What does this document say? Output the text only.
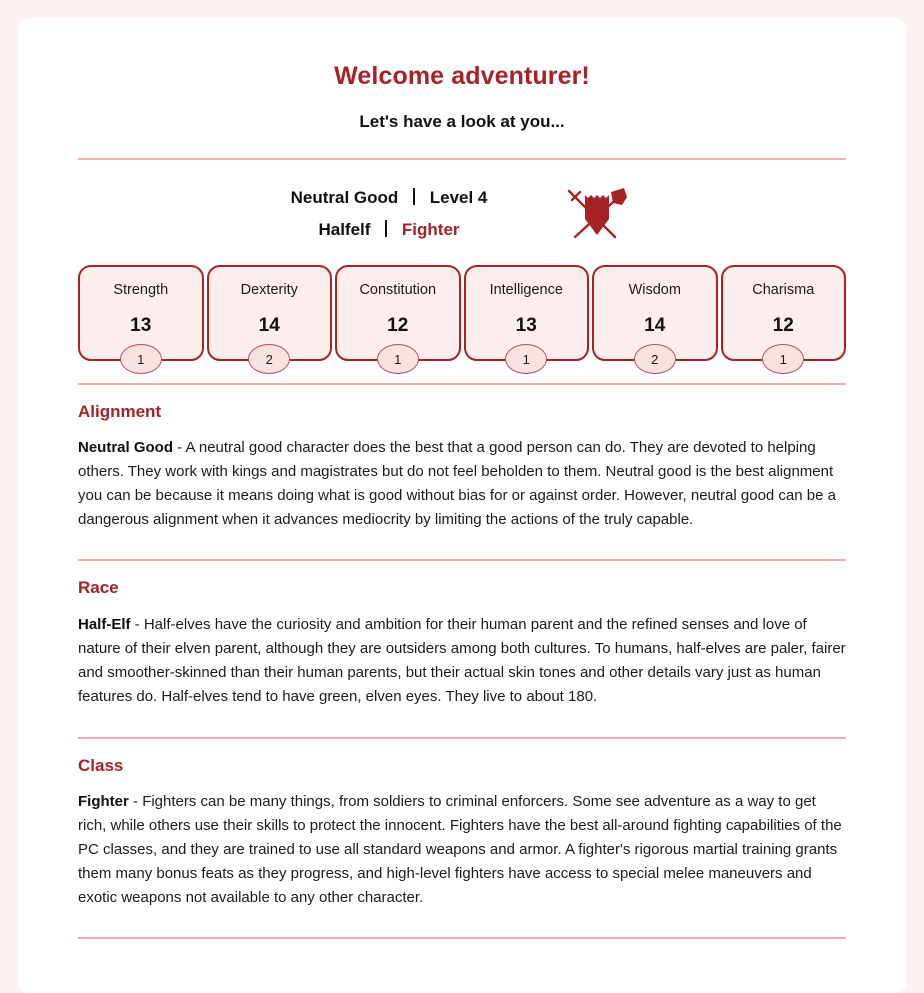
Welcome adventurer!
Let's have a look at you...
Neutral Good Level 4
Halfelf Fighter
Strength
13
1
Dexterity
14
2
Constitution
12
1
Intelligence
13
1
Wisdom
14
2
Charisma
12
1
Alignment

Neutral Good - A neutral good character does the best that a good person can do. They are devoted to helping others. They work with kings and magistrates but do not feel beholden to them. Neutral good is the best alignment you can be because it means doing what is good without bias for or against order. However, neutral good can be a dangerous alignment when it advances mediocrity by limiting the actions of the truly capable.

Race

Half-Elf - Half-elves have the curiosity and ambition for their human parent and the refined senses and love of nature of their elven parent, although they are outsiders among both cultures. To humans, half-elves are paler, fairer and smoother-skinned than their human parents, but their actual skin tones and other details vary just as human features do. Half-elves tend to have green, elven eyes. They live to about 180.

Class

Fighter - Fighters can be many things, from soldiers to criminal enforcers. Some see adventure as a way to get rich, while others use their skills to protect the innocent. Fighters have the best all-around fighting capabilities of the PC classes, and they are trained to use all standard weapons and armor. A fighter's rigorous martial training grants them many bonus feats as they progress, and high-level fighters have access to special melee maneuvers and exotic weapons not available to any other character.
